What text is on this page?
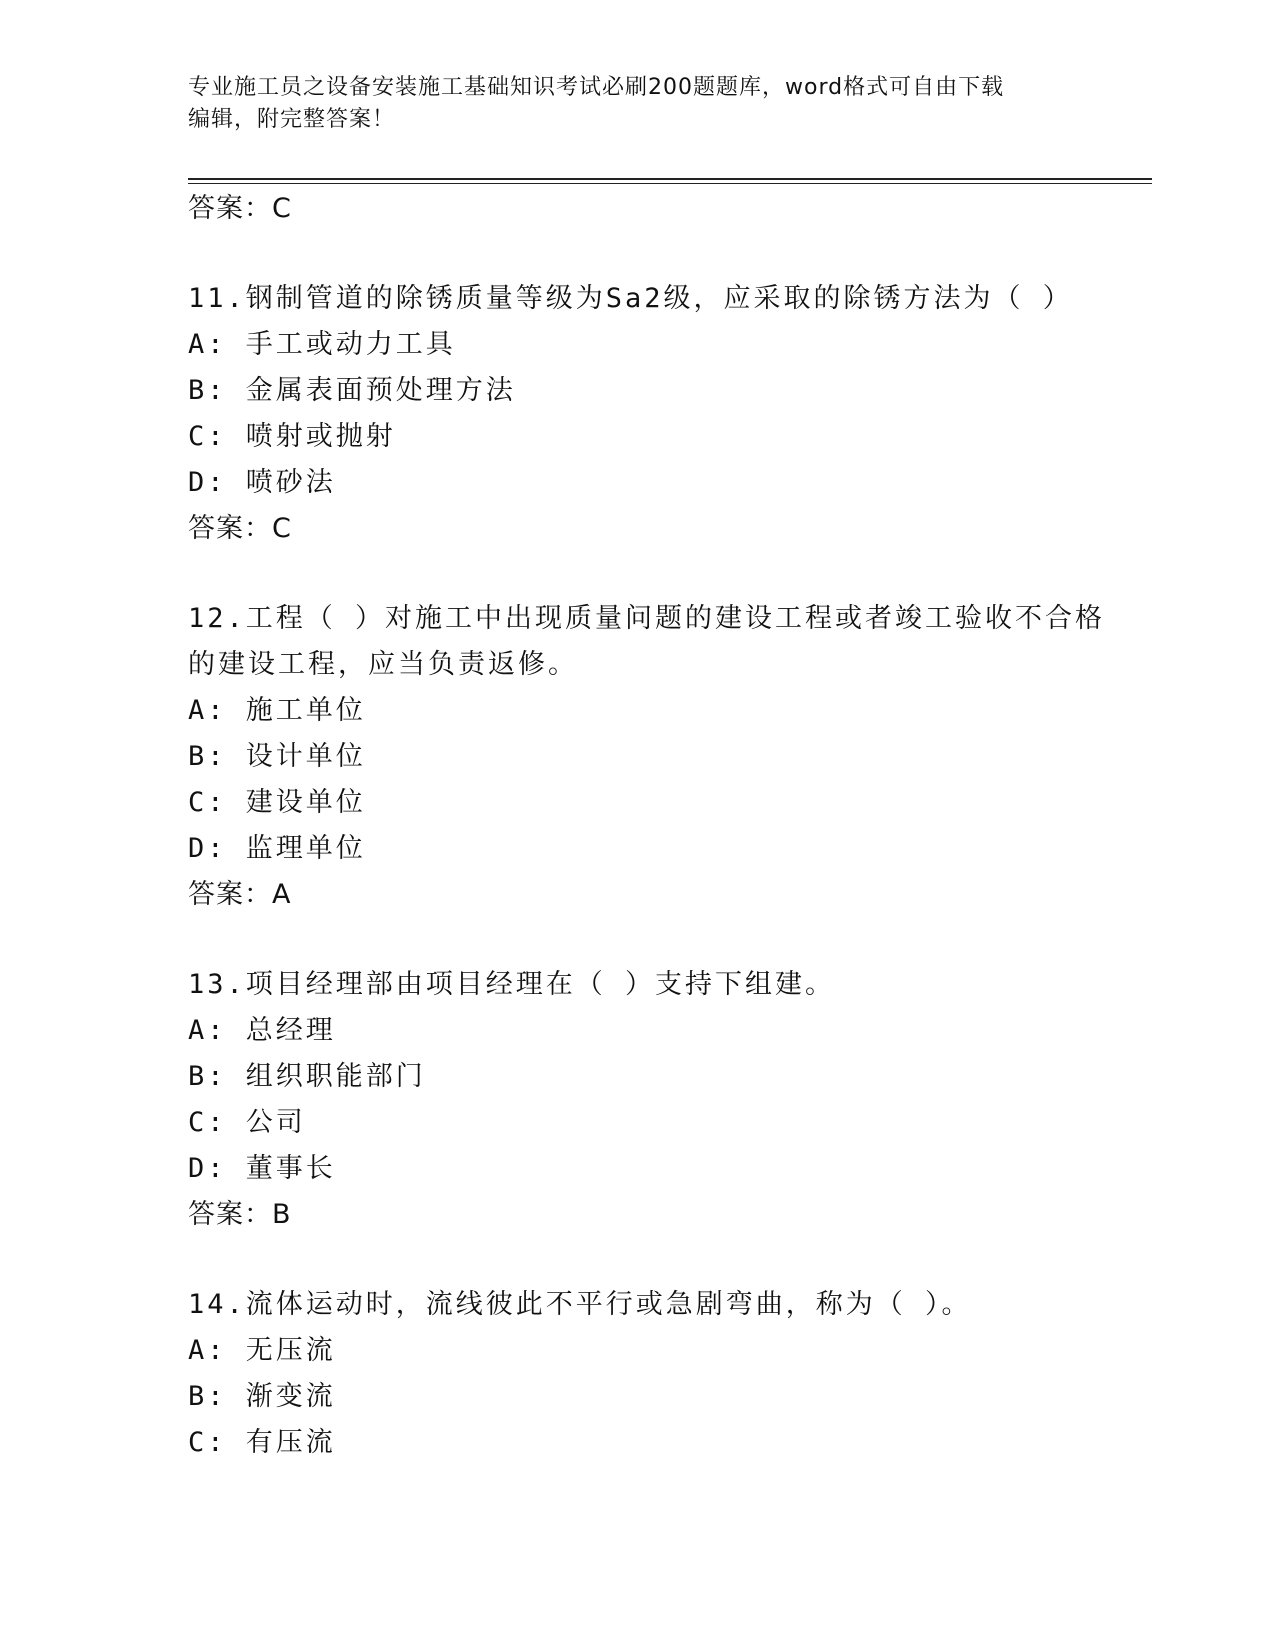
专业施工员之设备安装施工基础知识考试必刷200题题库，word格式可自由下载
编辑，附完整答案！
答案：C
11.钢制管道的除锈质量等级为Sa2级，应采取的除锈方法为（ ）
A: 手工或动力工具
B: 金属表面预处理方法
C: 喷射或抛射
D: 喷砂法
答案：C
12.工程（ ）对施工中出现质量问题的建设工程或者竣工验收不合格
的建设工程，应当负责返修。
A: 施工单位
B: 设计单位
C: 建设单位
D: 监理单位
答案：A
13.项目经理部由项目经理在（ ）支持下组建。
A: 总经理
B: 组织职能部门
C: 公司
D: 董事长
答案：B
14.流体运动时，流线彼此不平行或急剧弯曲，称为（ ）。
A: 无压流
B: 渐变流
C: 有压流
